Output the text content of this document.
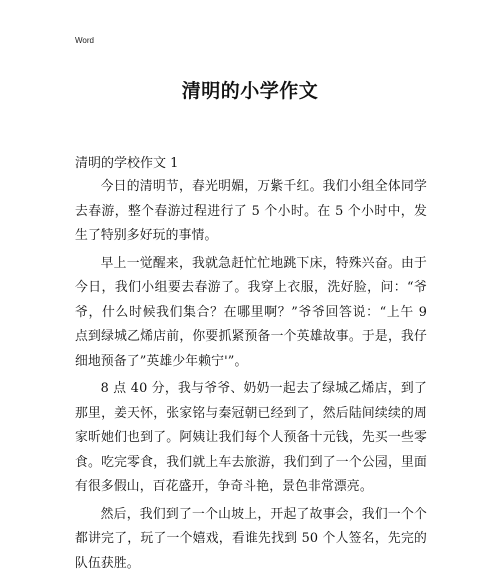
Word
清明的小学作文
清明的学校作文 1

今日的清明节，春光明媚，万紫千红。我们小组全体同学去春游，整个春游过程进行了 5 个小时。在 5 个小时中，发生了特别多好玩的事情。

早上一觉醒来，我就急赶忙忙地跳下床，特殊兴奋。由于今日，我们小组要去春游了。我穿上衣服，洗好脸，问：“爷爷，什么时候我们集合？在哪里啊？”爷爷回答说：“上午 9 点到绿城乙烯店前，你要抓紧预备一个英雄故事。于是，我仔细地预备了”英雄少年赖宁'”。

8 点 40 分，我与爷爷、奶奶一起去了绿城乙烯店，到了那里，姜天怀，张家铭与秦冠朝已经到了，然后陆间续续的周家昕她们也到了。阿姨让我们每个人预备十元钱，先买一些零食。吃完零食，我们就上车去旅游，我们到了一个公园，里面有很多假山，百花盛开，争奇斗艳，景色非常漂亮。

然后，我们到了一个山坡上，开起了故事会，我们一个个都讲完了，玩了一个嬉戏，看谁先找到 50 个人签名，先完的队伍获胜。
